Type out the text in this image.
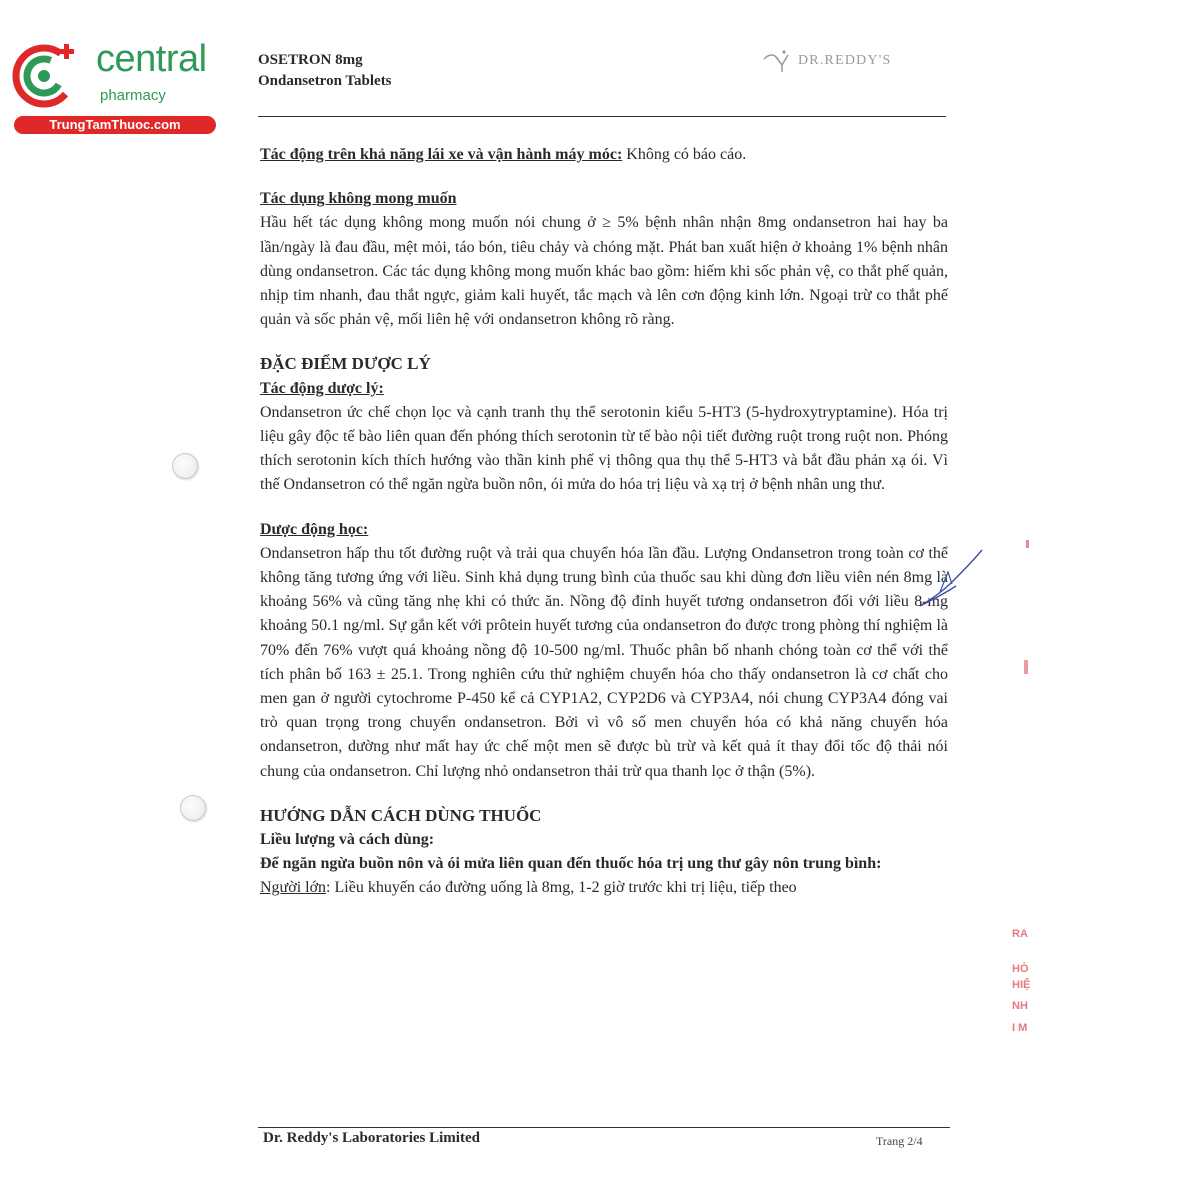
central
pharmacy
TrungTamThuoc.com
OSETRON 8mg
Ondansetron Tablets
DR.REDDY'S

Tác động trên khả năng lái xe và vận hành máy móc: Không có báo cáo.

Tác dụng không mong muốn

Hầu hết tác dụng không mong muốn nói chung ở ≥ 5% bệnh nhân nhận 8mg ondansetron hai hay ba lần/ngày là đau đầu, mệt mỏi, táo bón, tiêu chảy và chóng mặt. Phát ban xuất hiện ở khoảng 1% bệnh nhân dùng ondansetron. Các tác dụng không mong muốn khác bao gồm: hiếm khi sốc phản vệ, co thắt phế quản, nhịp tim nhanh, đau thắt ngực, giảm kali huyết, tắc mạch và lên cơn động kinh lớn. Ngoại trừ co thắt phế quản và sốc phản vệ, mối liên hệ với ondansetron không rõ ràng.

ĐẶC ĐIỂM DƯỢC LÝ

Tác động dược lý:

Ondansetron ức chế chọn lọc và cạnh tranh thụ thể serotonin kiểu 5-HT3 (5-hydroxytryptamine). Hóa trị liệu gây độc tế bào liên quan đến phóng thích serotonin từ tế bào nội tiết đường ruột trong ruột non. Phóng thích serotonin kích thích hướng vào thần kinh phế vị thông qua thụ thể 5-HT3 và bắt đầu phản xạ ói. Vì thế Ondansetron có thể ngăn ngừa buồn nôn, ói mửa do hóa trị liệu và xạ trị ở bệnh nhân ung thư.

Dược động học:

Ondansetron hấp thu tốt đường ruột và trải qua chuyển hóa lần đầu. Lượng Ondansetron trong toàn cơ thể không tăng tương ứng với liều. Sinh khả dụng trung bình của thuốc sau khi dùng đơn liều viên nén 8mg là khoảng 56% và cũng tăng nhẹ khi có thức ăn. Nồng độ đỉnh huyết tương ondansetron đối với liều 8-mg khoảng 50.1 ng/ml. Sự gắn kết với prôtein huyết tương của ondansetron đo được trong phòng thí nghiệm là 70% đến 76% vượt quá khoảng nồng độ 10-500 ng/ml. Thuốc phân bố nhanh chóng toàn cơ thể với thể tích phân bố 163 ± 25.1. Trong nghiên cứu thử nghiệm chuyển hóa cho thấy ondansetron là cơ chất cho men gan ở người cytochrome P-450 kể cả CYP1A2, CYP2D6 và CYP3A4, nói chung CYP3A4 đóng vai trò quan trọng trong chuyển ondansetron. Bởi vì vô số men chuyển hóa có khả năng chuyển hóa ondansetron, dường như mất hay ức chế một men sẽ được bù trừ và kết quả ít thay đổi tốc độ thải nói chung của ondansetron. Chỉ lượng nhỏ ondansetron thải trừ qua thanh lọc ở thận (5%).

HƯỚNG DẪN CÁCH DÙNG THUỐC

Liều lượng và cách dùng:

Để ngăn ngừa buồn nôn và ói mửa liên quan đến thuốc hóa trị ung thư gây nôn trung bình:

Người lớn: Liều khuyến cáo đường uống là 8mg, 1-2 giờ trước khi trị liệu, tiếp theo

Dr. Reddy's Laboratories Limited	Trang 2/4
RA
HÒ
HIỆ
NH
I M
